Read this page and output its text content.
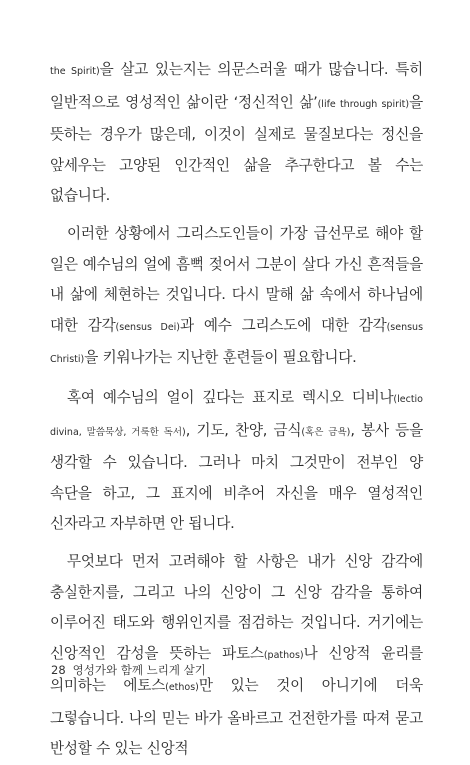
the Spirit)을 살고 있는지는 의문스러울 때가 많습니다. 특히 일반적으로 영성적인 삶이란 ‘정신적인 삶’(life through spirit)을 뜻하는 경우가 많은데, 이것이 실제로 물질보다는 정신을 앞세우는 고양된 인간적인 삶을 추구한다고 볼 수는 없습니다.

이러한 상황에서 그리스도인들이 가장 급선무로 해야 할 일은 예수님의 얼에 흠뻑 젖어서 그분이 살다 가신 흔적들을 내 삶에 체현하는 것입니다. 다시 말해 삶 속에서 하나님에 대한 감각(sensus Dei)과 예수 그리스도에 대한 감각(sensus Christi)을 키워나가는 지난한 훈련들이 필요합니다.

혹여 예수님의 얼이 깊다는 표지로 렉시오 디비나(lectio divina, 말씀묵상, 거룩한 독서), 기도, 찬양, 금식(혹은 금욕), 봉사 등을 생각할 수 있습니다. 그러나 마치 그것만이 전부인 양 속단을 하고, 그 표지에 비추어 자신을 매우 열성적인 신자라고 자부하면 안 됩니다.

무엇보다 먼저 고려해야 할 사항은 내가 신앙 감각에 충실한지를, 그리고 나의 신앙이 그 신앙 감각을 통하여 이루어진 태도와 행위인지를 점검하는 것입니다. 거기에는 신앙적인 감성을 뜻하는 파토스(pathos)나 신앙적 윤리를 의미하는 에토스(ethos)만 있는 것이 아니기에 더욱 그렇습니다. 나의 믿는 바가 올바르고 건전한가를 따져 묻고 반성할 수 있는 신앙적

28 영성가와 함께 느리게 살기
